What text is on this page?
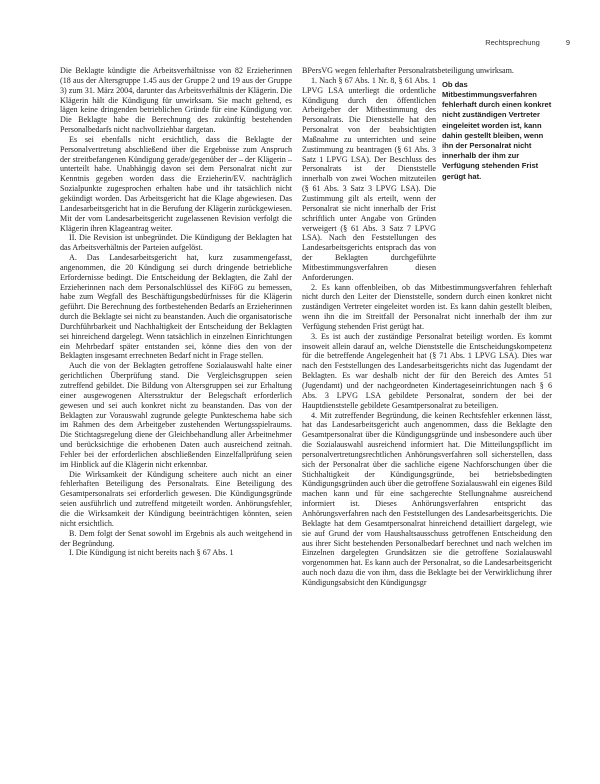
Rechtsprechung	9

Die Beklagte kündigte die Arbeitsverhältnisse von 82 Erzieherinnen (18 aus der Altersgruppe 1.45 aus der Gruppe 2 und 19 aus der Gruppe 3) zum 31. März 2004, darunter das Arbeitsverhältnis der Klägerin. Die Klägerin hält die Kündigung für unwirksam. Sie macht geltend, es lägen keine dringenden betrieblichen Gründe für eine Kündigung vor. Die Beklagte habe die Berechnung des zukünftig bestehenden Personalbedarfs nicht nachvollziehbar dargetan.

Es sei ebenfalls nicht ersichtlich, dass die Beklagte der Personalvertretung abschließend über die Ergebnisse zum Anspruch der streitbefangenen Kündigung gerade/gegenüber der – der Klägerin – unterteilt habe. Unabhängig davon sei dem Personalrat nicht zur Kenntnis gegeben worden dass die Erzieherin/EV. nachträglich Sozialpunkte zugesprochen erhalten habe und ihr tatsächlich nicht gekündigt worden. Das Arbeitsgericht hat die Klage abgewiesen. Das Landesarbeitsgericht hat in die Berufung der Klägerin zurückgewiesen. Mit der vom Landesarbeitsgericht zugelassenen Revision verfolgt die Klägerin ihren Klageantrag weiter.

II. Die Revision ist unbegründet. Die Kündigung der Beklagten hat das Arbeitsverhältnis der Parteien aufgelöst.

A. Das Landesarbeitsgericht hat, kurz zusammengefasst, angenommen, die 20 Kündigung sei durch dringende betriebliche Erfordernisse bedingt. Die Entscheidung der Beklagten, die Zahl der Erzieherinnen nach dem Personalschlüssel des KiFöG zu bemessen, habe zum Wegfall des Beschäftigungsbedürfnisses für die Klägerin geführt. Die Berechnung des fortbestehenden Bedarfs an Erzieherinnen durch die Beklagte sei nicht zu beanstanden. Auch die organisatorische Durchführbarkeit und Nachhaltigkeit der Entscheidung der Beklagten sei hinreichend dargelegt. Wenn tatsächlich in einzelnen Einrichtungen ein Mehrbedarf später entstanden sei, könne dies den von der Beklagten insgesamt errechneten Bedarf nicht in Frage stellen.

Auch die von der Beklagten getroffene Sozialauswahl halte einer gerichtlichen Überprüfung stand. Die Vergleichsgruppen seien zutreffend gebildet. Die Bildung von Altersgruppen sei zur Erhaltung einer ausgewogenen Altersstruktur der Belegschaft erforderlich gewesen und sei auch konkret nicht zu beanstanden. Das von der Beklagten zur Vorauswahl zugrunde gelegte Punkteschema habe sich im Rahmen des dem Arbeitgeber zustehenden Wertungsspielraums. Die Stichtagsregelung diene der Gleichbehandlung aller Arbeitnehmer und berücksichtige die erhobenen Daten auch ausreichend zeitnah. Fehler bei der erforderlichen abschließenden Einzelfallprüfung seien im Hinblick auf die Klägerin nicht erkennbar.

Die Wirksamkeit der Kündigung scheitere auch nicht an einer fehlerhaften Beteiligung des Personalrats. Eine Beteiligung des Gesamtpersonalrats sei erforderlich gewesen. Die Kündigungsgründe seien ausführlich und zutreffend mitgeteilt worden. Anhörungsfehler, die die Wirksamkeit der Kündigung beeinträchtigen könnten, seien nicht ersichtlich.

B. Dem folgt der Senat sowohl im Ergebnis als auch weitgehend in der Begründung.

I. Die Kündigung ist nicht bereits nach § 67 Abs. 1

BPersVG wegen fehlerhafter Personalratsbeteiligung unwirksam.

1. Nach § 67 Abs. 1 Nr. 8, § 61 Abs. 1 LPVG LSA unterliegt die ordentliche Kündigung durch den öffentlichen Arbeitgeber der Mitbestimmung des Personalrats. Die Dienststelle hat den Personalrat von der beabsichtigten Maßnahme zu unterrichten und seine Zustimmung zu beantragen (§ 61 Abs. 3 Satz 1 LPVG LSA). Der Beschluss des Personalrats ist der Dienststelle innerhalb von zwei Wochen mitzuteilen (§ 61 Abs. 3 Satz 3 LPVG LSA). Die Zustimmung gilt als erteilt, wenn der Personalrat sie nicht innerhalb der Frist schriftlich unter Angabe von Gründen verweigert (§ 61 Abs. 3 Satz 7 LPVG LSA). Nach den Feststellungen des Landesarbeitsgerichts entsprach das von der Beklagten durchgeführte Mitbestimmungsverfahren diesen Anforderungen.

Ob das Mitbestimmungsverfahren fehlerhaft durch einen konkret nicht zuständigen Vertreter eingeleitet worden ist, kann dahin gestellt bleiben, wenn ihn der Personalrat nicht innerhalb der ihm zur Verfügung stehenden Frist gerügt hat.

2. Es kann offenbleiben, ob das Mitbestimmungsverfahren fehlerhaft nicht durch den Leiter der Dienststelle, sondern durch einen konkret nicht zuständigen Vertreter eingeleitet worden ist. Es kann dahin gestellt bleiben, wenn ihn die im Streitfall der Personalrat nicht innerhalb der ihm zur Verfügung stehenden Frist gerügt hat.

3. Es ist auch der zuständige Personalrat beteiligt worden. Es kommt insoweit allein darauf an, welche Dienststelle die Entscheidungskompetenz für die betreffende Angelegenheit hat (§ 71 Abs. 1 LPVG LSA). Dies war nach den Feststellungen des Landesarbeitsgerichts nicht das Jugendamt der Beklagten. Es war deshalb nicht der für den Bereich des Amtes 51 (Jugendamt) und der nachgeordneten Kindertageseinrichtungen nach § 6 Abs. 3 LPVG LSA gebildete Personalrat, sondern der bei der Hauptdienststelle gebildete Gesamtpersonalrat zu beteiligen.

4. Mit zutreffender Begründung, die keinen Rechtsfehler erkennen lässt, hat das Landesarbeitsgericht auch angenommen, dass die Beklagte den Gesamtpersonalrat über die Kündigungsgründe und insbesondere auch über die Sozialauswahl ausreichend informiert hat. Die Mitteilungspflicht im personalvertretungsrechtlichen Anhörungsverfahren soll sicherstellen, dass sich der Personalrat über die sachliche eigene Nachforschungen über die Stichhaltigkeit der Kündigungsgründe, bei betriebsbedingten Kündigungsgründen auch über die getroffene Sozialauswahl ein eigenes Bild machen kann und für eine sachgerechte Stellungnahme ausreichend informiert ist. Dieses Anhörungsverfahren entspricht das Anhörungsverfahren nach den Feststellungen des Landesarbeitsgerichts. Die Beklagte hat dem Gesamtpersonalrat hinreichend detailliert dargelegt, wie sie auf Grund der vom Haushaltsausschuss getroffenen Entscheidung den aus ihrer Sicht bestehenden Personalbedarf berechnet und nach welchen im Einzelnen dargelegten Grundsätzen sie die getroffene Sozialauswahl vorgenommen hat. Es kann auch der Personalrat, so die Landesarbeitsgericht auch noch dazu die von ihm, dass die Beklagte bei der Verwirklichung ihrer Kündigungsabsicht den Kündigungsgr
